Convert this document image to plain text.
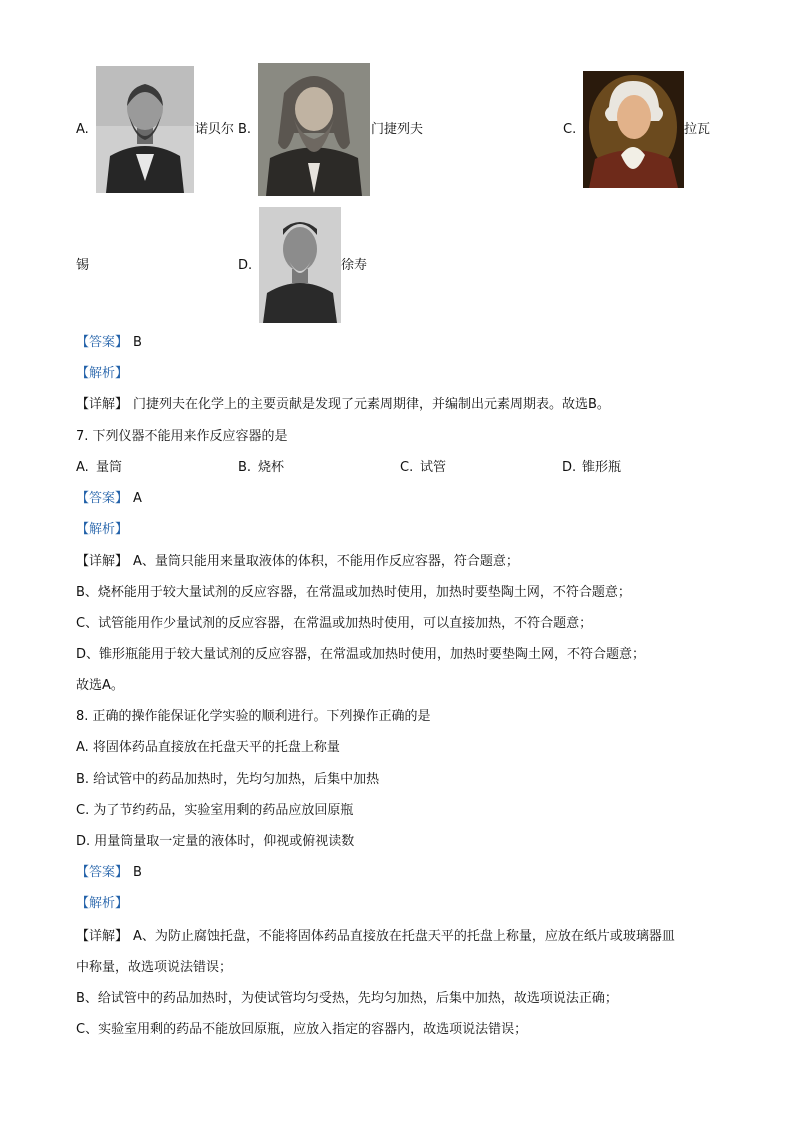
A.	诺贝尔 B.	门捷列夫	C.	拉瓦
锡	D.	徐寿
【答案】 B
【解析】
【详解】 门捷列夫在化学上的主要贡献是发现了元素周期律，并编制出元素周期表。故选B。
7. 下列仪器不能用来作反应容器的是
A. 量筒	B. 烧杯	C. 试管	D. 锥形瓶
【答案】 A
【解析】
【详解】 A、量筒只能用来量取液体的体积，不能用作反应容器，符合题意；
B、烧杯能用于较大量试剂的反应容器，在常温或加热时使用，加热时要垫陶土网，不符合题意；
C、试管能用作少量试剂的反应容器，在常温或加热时使用，可以直接加热，不符合题意；
D、锥形瓶能用于较大量试剂的反应容器，在常温或加热时使用，加热时要垫陶土网，不符合题意；
故选A。
8. 正确的操作能保证化学实验的顺利进行。下列操作正确的是
A. 将固体药品直接放在托盘天平的托盘上称量
B. 给试管中的药品加热时，先均匀加热，后集中加热
C. 为了节约药品，实验室用剩的药品应放回原瓶
D. 用量筒量取一定量的液体时，仰视或俯视读数
【答案】 B
【解析】
【详解】 A、为防止腐蚀托盘，不能将固体药品直接放在托盘天平的托盘上称量，应放在纸片或玻璃器皿
中称量，故选项说法错误；
B、给试管中的药品加热时，为使试管均匀受热，先均匀加热，后集中加热，故选项说法正确；
C、实验室用剩的药品不能放回原瓶，应放入指定的容器内，故选项说法错误；
